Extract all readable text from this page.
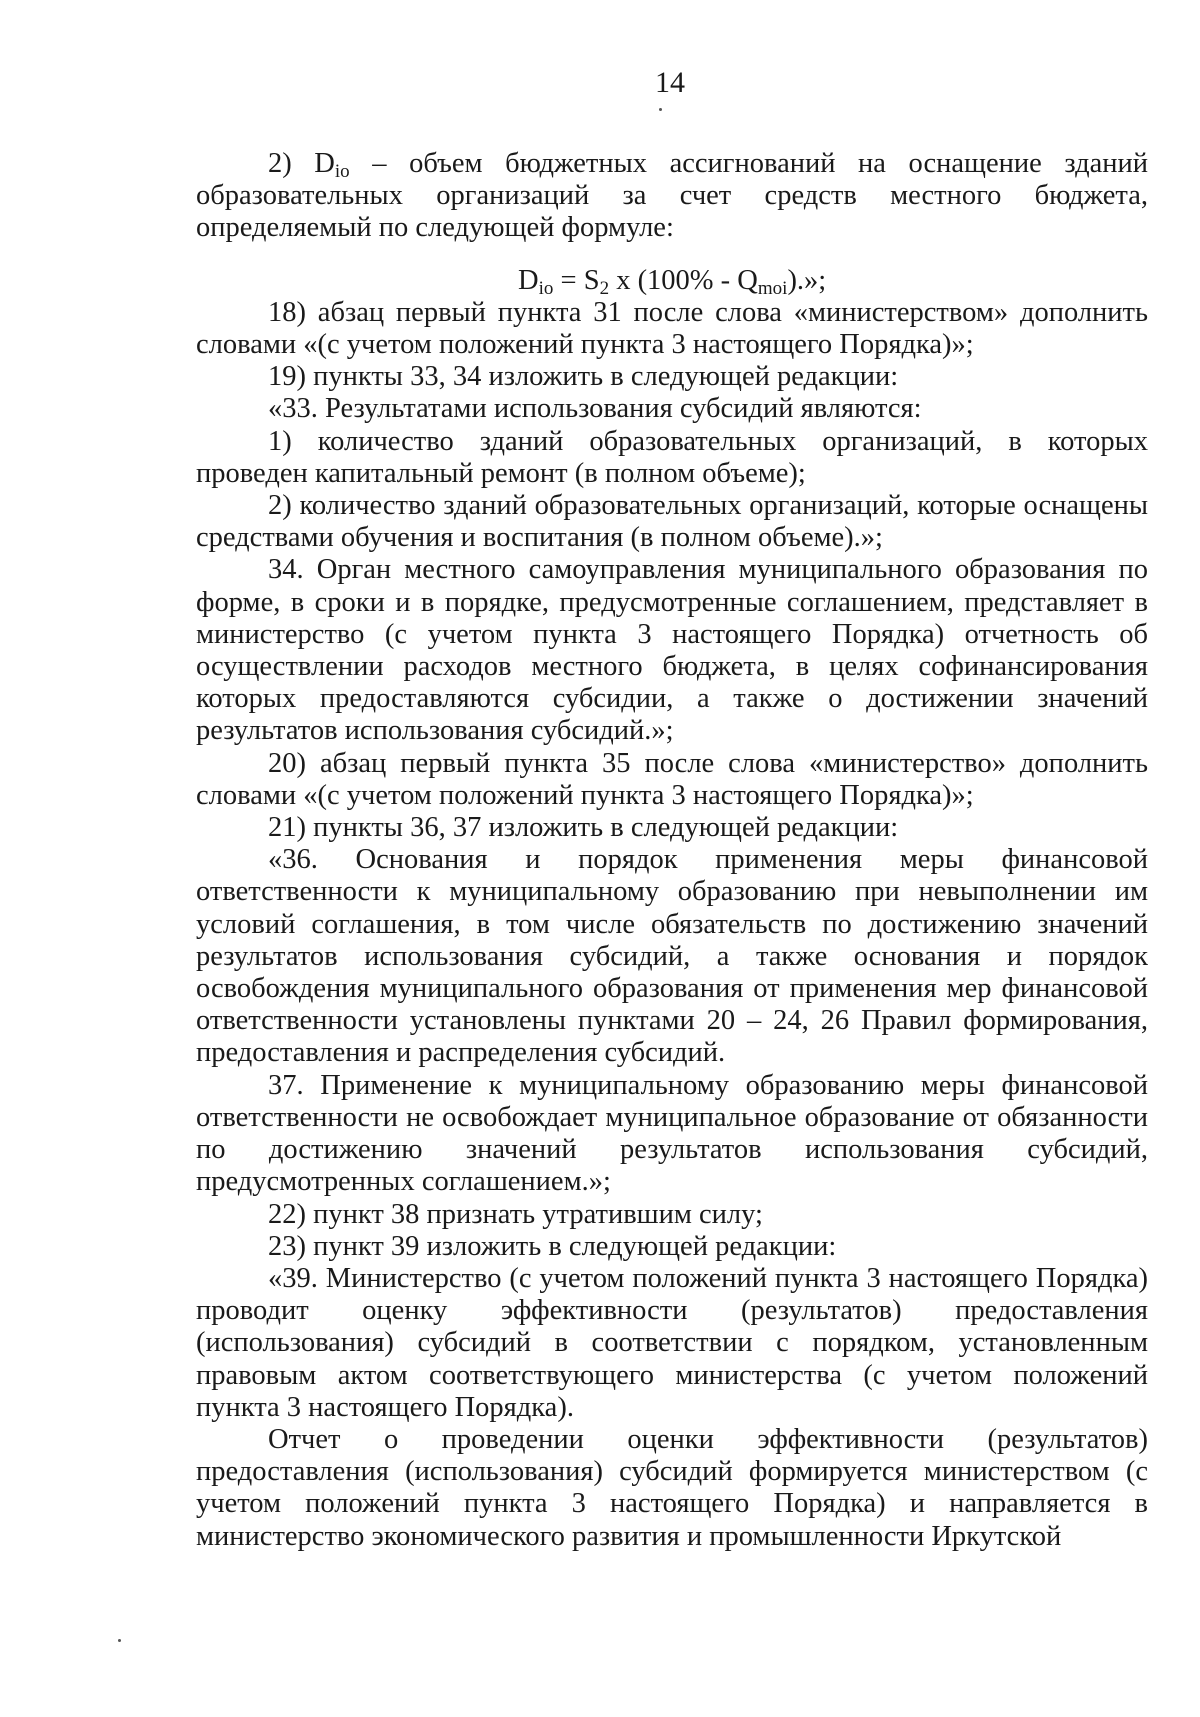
14

2) $D_{io}$ – объем бюджетных ассигнований на оснащение зданий образовательных организаций за счет средств местного бюджета, определяемый по следующей формуле:

$D_{io} = S_2$ x $(100\% - Q_{moi})$.»;

18) абзац первый пункта 31 после слова «министерством» дополнить словами «(с учетом положений пункта 3 настоящего Порядка)»;

19) пункты 33, 34 изложить в следующей редакции:

«33. Результатами использования субсидий являются:

1) количество зданий образовательных организаций, в которых проведен капитальный ремонт (в полном объеме);

2) количество зданий образовательных организаций, которые оснащены средствами обучения и воспитания (в полном объеме).»;

34. Орган местного самоуправления муниципального образования по форме, в сроки и в порядке, предусмотренные соглашением, представляет в министерство (с учетом пункта 3 настоящего Порядка) отчетность об осуществлении расходов местного бюджета, в целях софинансирования которых предоставляются субсидии, а также о достижении значений результатов использования субсидий.»;

20) абзац первый пункта 35 после слова «министерство» дополнить словами «(с учетом положений пункта 3 настоящего Порядка)»;

21) пункты 36, 37 изложить в следующей редакции:

«36. Основания и порядок применения меры финансовой ответственности к муниципальному образованию при невыполнении им условий соглашения, в том числе обязательств по достижению значений результатов использования субсидий, а также основания и порядок освобождения муниципального образования от применения мер финансовой ответственности установлены пунктами 20 – 24, 26 Правил формирования, предоставления и распределения субсидий.

37. Применение к муниципальному образованию меры финансовой ответственности не освобождает муниципальное образование от обязанности по достижению значений результатов использования субсидий, предусмотренных соглашением.»;

22) пункт 38 признать утратившим силу;

23) пункт 39 изложить в следующей редакции:

«39. Министерство (с учетом положений пункта 3 настоящего Порядка) проводит оценку эффективности (результатов) предоставления (использования) субсидий в соответствии с порядком, установленным правовым актом соответствующего министерства (с учетом положений пункта 3 настоящего Порядка).

Отчет о проведении оценки эффективности (результатов) предоставления (использования) субсидий формируется министерством (с учетом положений пункта 3 настоящего Порядка) и направляется в министерство экономического развития и промышленности Иркутской
